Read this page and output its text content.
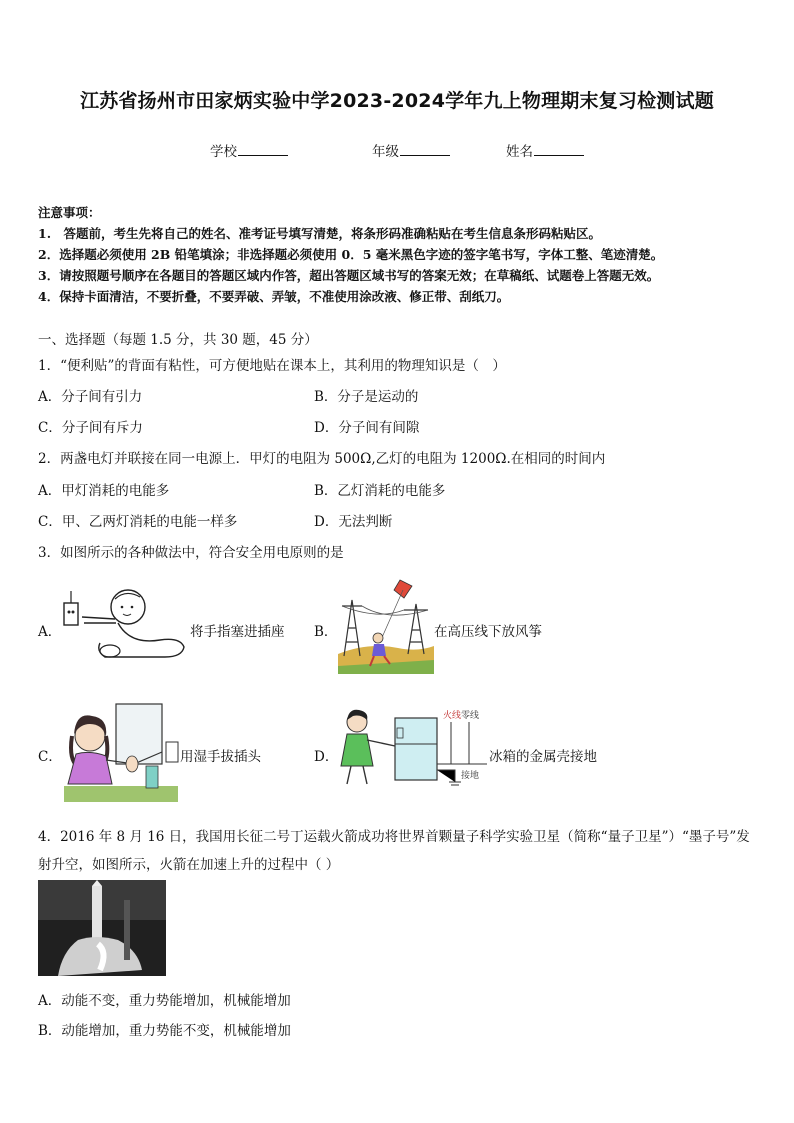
江苏省扬州市田家炳实验中学2023-2024学年九上物理期末复习检测试题
学校	年级	姓名
注意事项：
1.　答题前，考生先将自己的姓名、准考证号填写清楚，将条形码准确粘贴在考生信息条形码粘贴区。
2．选择题必须使用 2B 铅笔填涂；非选择题必须使用 0．5 毫米黑色字迹的签字笔书写，字体工整、笔迹清楚。
3．请按照题号顺序在各题目的答题区域内作答，超出答题区域书写的答案无效；在草稿纸、试题卷上答题无效。
4．保持卡面清洁，不要折叠，不要弄破、弄皱，不准使用涂改液、修正带、刮纸刀。
一、选择题（每题 1.5 分，共 30 题，45 分）
1．“便利贴”的背面有粘性，可方便地贴在课本上，其利用的物理知识是（　）
A．分子间有引力	B．分子是运动的
C．分子间有斥力	D．分子间有间隙
2．两盏电灯并联接在同一电源上．甲灯的电阻为 500Ω,乙灯的电阻为 1200Ω.在相同的时间内
A．甲灯消耗的电能多	B．乙灯消耗的电能多
C．甲、乙两灯消耗的电能一样多	D．无法判断
3．如图所示的各种做法中，符合安全用电原则的是
A．	将手指塞进插座 B．	在高压线下放风筝
C．	用湿手拔插头	D．
火线 零线
接地
冰箱的金属壳接地
4．2016 年 8 月 16 日，我国用长征二号丁运载火箭成功将世界首颗量子科学实验卫星（简称“量子卫星”）“墨子号”发
射升空，如图所示，火箭在加速上升的过程中（ ）
A．动能不变，重力势能增加，机械能增加
B．动能增加，重力势能不变，机械能增加
